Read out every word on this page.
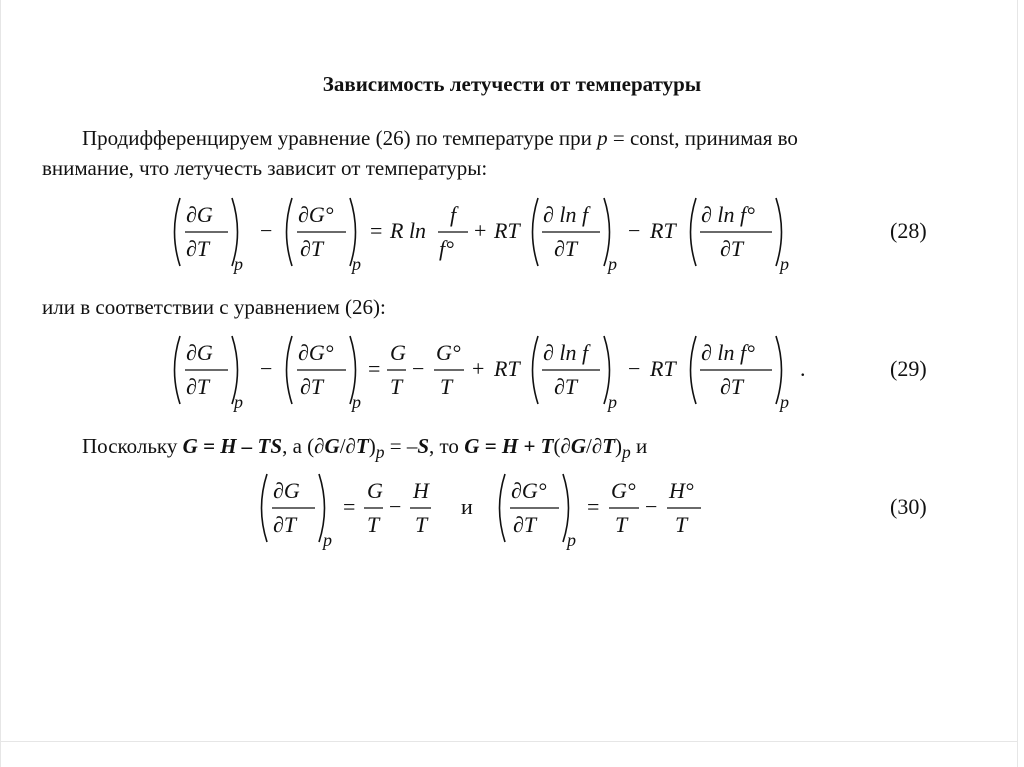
Зависимость летучести от температуры
Продифференцируем уравнение (26) по температуре при p = const, принимая во
внимание, что летучесть зависит от температуры:
∂G
∂T
p
−
∂G°
∂T
p
= R ln
f
f°
+ RT
∂ ln f
∂T
p
− RT
∂ ln f°
∂T
p
(28)
или в соответствии с уравнением (26):
∂G
∂T
p
−
∂G°
∂T
p
=
G
T
−
G°
T
+ RT
∂ ln f
∂T
p
− RT
∂ ln f°
∂T
p
.	(29)
Поскольку G = H – TS, а $(\partial G/\partial T)_p = -S$, то $G = H + T(\partial G/\partial T)_p$ и
∂G
∂T
p
=
G
T
−
H
T
и
∂G°
∂T
p
=
G°
T
−
H°
T
(30)
